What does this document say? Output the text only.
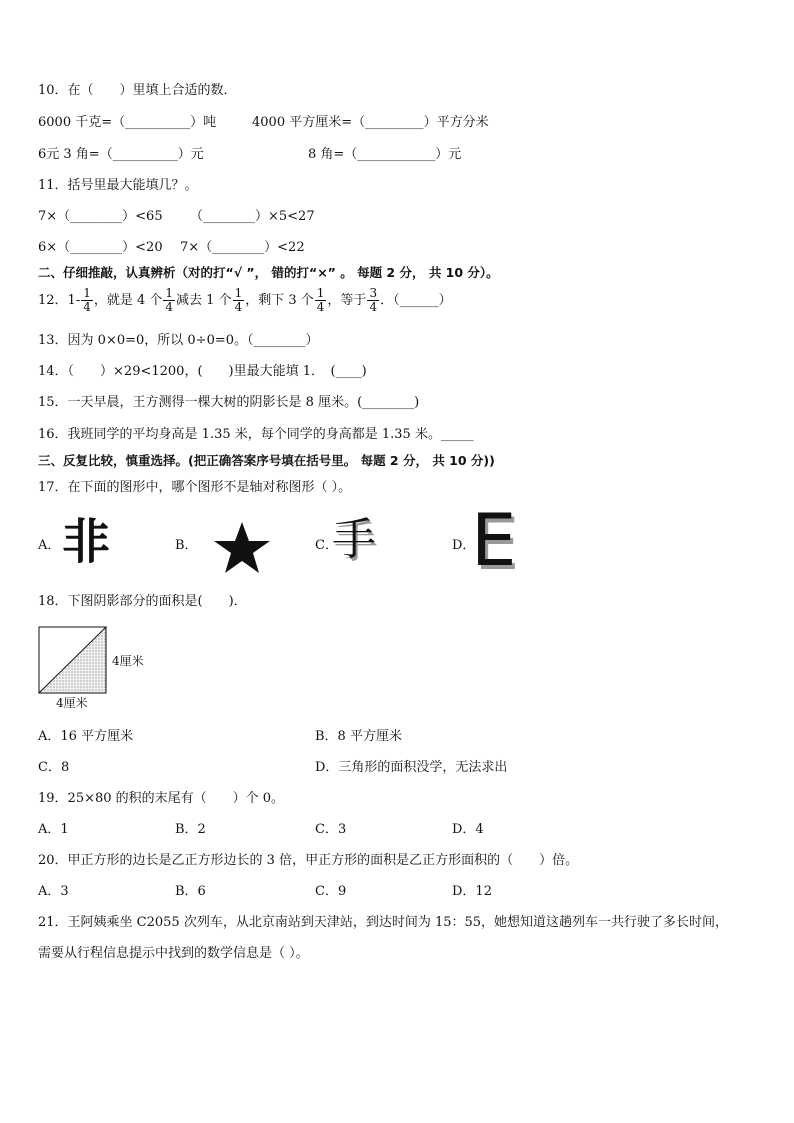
10．在（　　）里填上合适的数．
6000 千克=（__________）吨	4000 平方厘米=（_________）平方分米
6元 3 角=（__________）元	8 角=（____________）元
11．括号里最大能填几？。
7×（________）<65 （________）×5<27
6×（________）<20 7×（________）<22
二、仔细推敲，认真辨析（对的打“√ ”， 错的打“×” 。 每题 2 分， 共 10 分）。
12．$1- \frac{1}{4}$ ，就是 4 个 $\frac{1}{4}$ 减去 1 个 $\frac{1}{4}$ ，剩下 3 个 $\frac{1}{4}$ ，等于 $\frac{3}{4}$ ．（______）
13．因为 0×0=0，所以 0÷0=0。（________）
14．（　　）×29<1200，(　　)里最大能填 1．　(____)
15．一天早晨，王方测得一棵大树的阴影长是 8 厘米。(________)
16．我班同学的平均身高是 1.35 米，每个同学的身高都是 1.35 米。_____
三、反复比较，慎重选择。(把正确答案序号填在括号里。 每题 2 分， 共 10 分))
17．在下面的图形中，哪个图形不是轴对称图形（ ）。
A． 非	B．	C．
手	D．
E
18．下图阴影部分的面积是(　　)．
4厘米
4厘米
A．16 平方厘米	B．8 平方厘米
C．8	D．三角形的面积没学，无法求出
19．25×80 的积的末尾有（　　）个 0。
A．1	B．2	C．3	D．4
20．甲正方形的边长是乙正方形边长的 3 倍，甲正方形的面积是乙正方形面积的（　　）倍。
A．3	B．6	C．9	D．12
21．王阿姨乘坐 C2055 次列车，从北京南站到天津站，到达时间为 15：55，她想知道这趟列车一共行驶了多长时间，
需要从行程信息提示中找到的数学信息是（ ）。
